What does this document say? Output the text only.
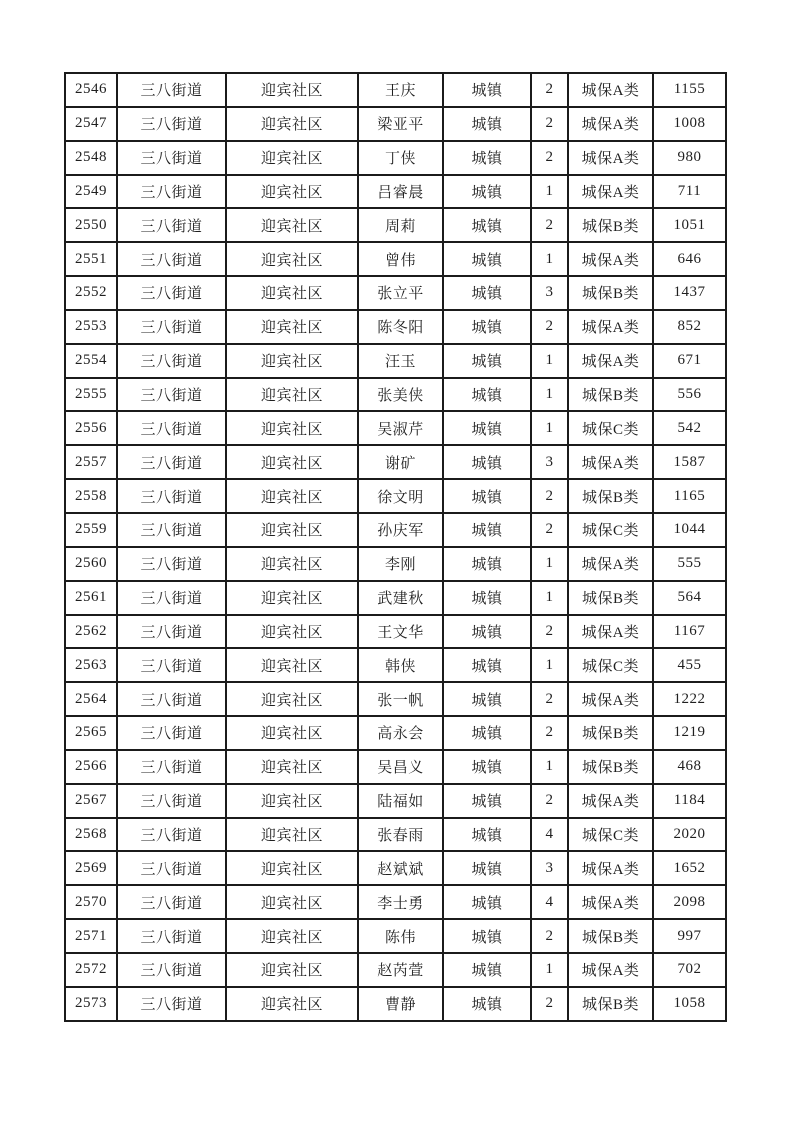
2546	三八街道	迎宾社区	王庆	城镇	2	城保A类	1155
2547	三八街道	迎宾社区	梁亚平	城镇	2	城保A类	1008
2548	三八街道	迎宾社区	丁侠	城镇	2	城保A类	980
2549	三八街道	迎宾社区	吕睿晨	城镇	1	城保A类	711
2550	三八街道	迎宾社区	周莉	城镇	2	城保B类	1051
2551	三八街道	迎宾社区	曾伟	城镇	1	城保A类	646
2552	三八街道	迎宾社区	张立平	城镇	3	城保B类	1437
2553	三八街道	迎宾社区	陈冬阳	城镇	2	城保A类	852
2554	三八街道	迎宾社区	汪玉	城镇	1	城保A类	671
2555	三八街道	迎宾社区	张美侠	城镇	1	城保B类	556
2556	三八街道	迎宾社区	吴淑芹	城镇	1	城保C类	542
2557	三八街道	迎宾社区	谢矿	城镇	3	城保A类	1587
2558	三八街道	迎宾社区	徐文明	城镇	2	城保B类	1165
2559	三八街道	迎宾社区	孙庆军	城镇	2	城保C类	1044
2560	三八街道	迎宾社区	李刚	城镇	1	城保A类	555
2561	三八街道	迎宾社区	武建秋	城镇	1	城保B类	564
2562	三八街道	迎宾社区	王文华	城镇	2	城保A类	1167
2563	三八街道	迎宾社区	韩侠	城镇	1	城保C类	455
2564	三八街道	迎宾社区	张一帆	城镇	2	城保A类	1222
2565	三八街道	迎宾社区	高永会	城镇	2	城保B类	1219
2566	三八街道	迎宾社区	吴昌义	城镇	1	城保B类	468
2567	三八街道	迎宾社区	陆福如	城镇	2	城保A类	1184
2568	三八街道	迎宾社区	张春雨	城镇	4	城保C类	2020
2569	三八街道	迎宾社区	赵斌斌	城镇	3	城保A类	1652
2570	三八街道	迎宾社区	李士勇	城镇	4	城保A类	2098
2571	三八街道	迎宾社区	陈伟	城镇	2	城保B类	997
2572	三八街道	迎宾社区	赵芮萱	城镇	1	城保A类	702
2573	三八街道	迎宾社区	曹静	城镇	2	城保B类	1058
